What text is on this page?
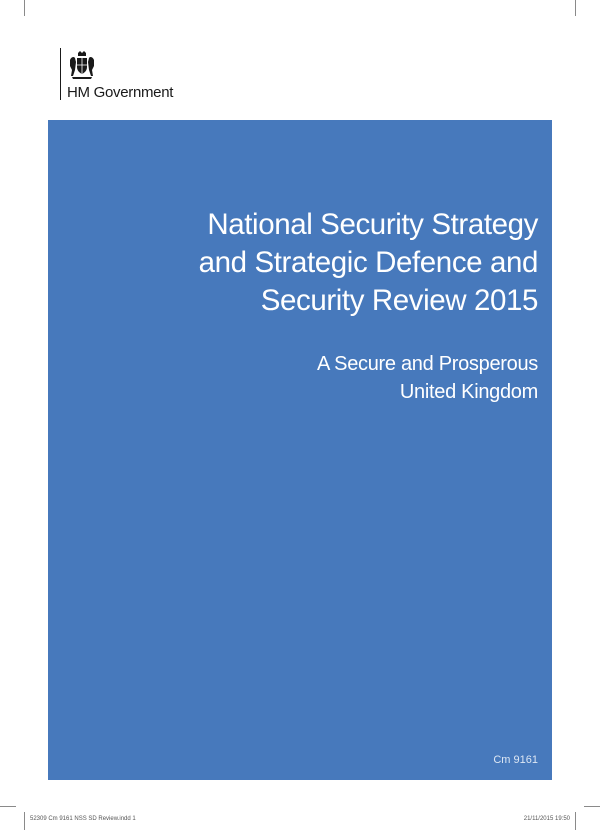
HM Government
National Security Strategy
and Strategic Defence and
Security Review 2015
A Secure and Prosperous
United Kingdom
Cm 9161
52309 Cm 9161 NSS SD Review.indd 1	21/11/2015 19:50
